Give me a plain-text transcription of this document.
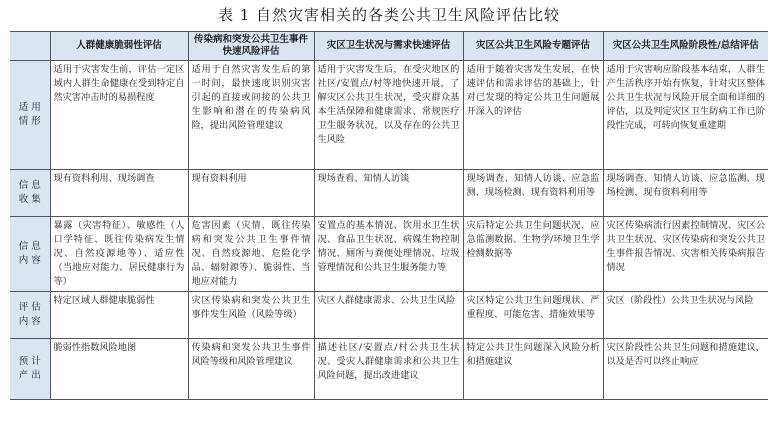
表 1 自然灾害相关的各类公共卫生风险评估比较
	人群健康脆弱性评估	传染病和突发公共卫生事件快速风险评估	灾区卫生状况与需求快速评估	灾区公共卫生风险专题评估	灾区公共卫生风险阶段性/总结评估
适用情形	适用于灾害发生前，评估一定区域内人群生命健康在受到特定自然灾害冲击时的易损程度	适用于自然灾害发生后的第一时间，最快速度识别灾害引起的直接或间接的公共卫生影响和潜在的传染病风险，提出风险管理建议	适用于灾害发生后，在受灾地区的社区/安置点/村等地快速开展，了解灾区公共卫生状况，受灾群众基本生活保障和健康需求、常规医疗卫生服务状况，以及存在的公共卫生风险	适用于随着灾害发生发展，在快速评估和需求评估的基础上，针对已发现的特定公共卫生问题展开深入的评估	适用于灾害响应阶段基本结束，人群生产生活秩序开始有恢复，针对灾区整体公共卫生状况与风险开展全面和详细的评估，以及判定灾区卫生防病工作已阶段性完成，可转向恢复重建期
信息收集	现有资料利用、现场调查	现有资料利用	现场查看、知情人访谈	现场调查、知情人访谈、应急监测、现场检测、现有资料利用等	现场调查、知情人访谈、应急监测、现场检测、现有资料利用等
信息内容	暴露（灾害特征）、敏感性（人口学特征、既往传染病发生情况、自然疫源地等）、适应性（当地应对能力、居民健康行为等）	危害因素（灾情、既往传染病和突发公共卫生事件情况、自然疫源地、危险化学品、辐射源等）、脆弱性、当地应对能力	安置点的基本情况、饮用水卫生状况、食品卫生状况、病媒生物控制情况、厕所与粪便处理情况、垃圾管理情况和公共卫生服务能力等	灾后特定公共卫生问题状况、应急监测数据、生物学/环境卫生学检测数据等	灾区传染病流行因素控制情况、灾区公共卫生状况、灾区传染病和突发公共卫生事件报告情况、灾害相关传染病报告情况
评估内容	特定区域人群健康脆弱性	灾区传染病和突发公共卫生事件发生风险（风险等级）	灾区人群健康需求、公共卫生风险	灾区特定公共卫生问题现状、严重程度、可能危害、措施效果等	灾区（阶段性）公共卫生状况与风险
预计产出	脆弱性指数风险地图	传染病和突发公共卫生事件风险等级和风险管理建议	描述社区/安置点/村公共卫生状况、受灾人群健康需求和公共卫生风险问题，提出改进建议	特定公共卫生问题深入风险分析和措施建议	灾区阶段性公共卫生问题和措施建议，以及是否可以终止响应
